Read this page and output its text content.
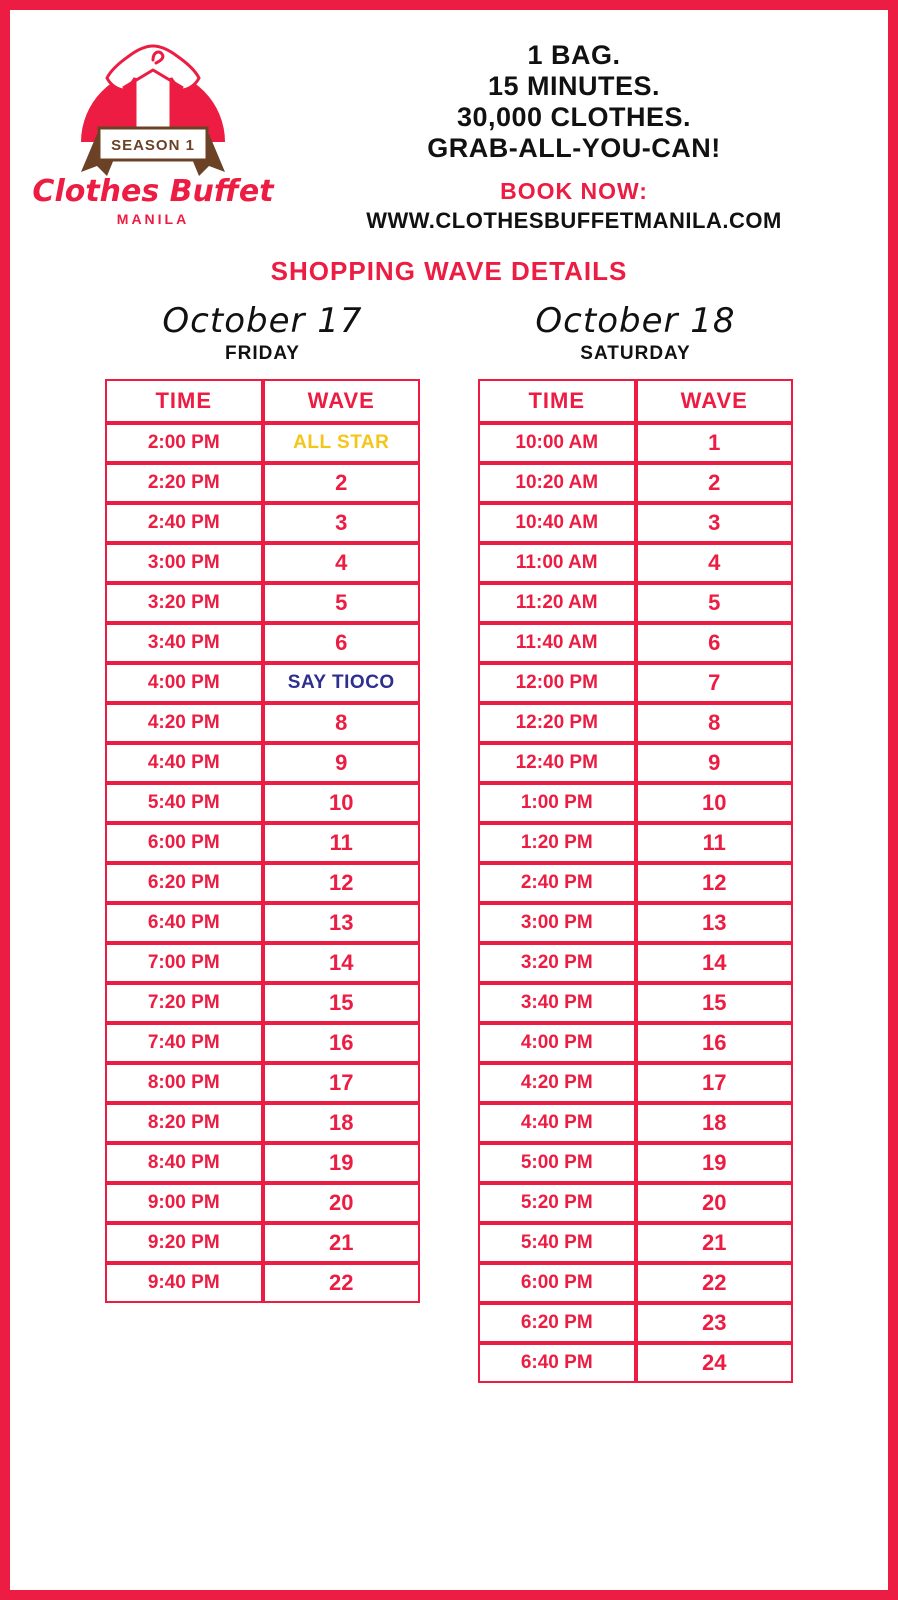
SEASON 1
Clothes Buffet
MANILA
1 BAG.
15 MINUTES.
30,000 CLOTHES.
GRAB-ALL-YOU-CAN!
BOOK NOW:
WWW.CLOTHESBUFFETMANILA.COM
SHOPPING WAVE DETAILS
October 17
FRIDAY
TIME	WAVE
2:00 PM	ALL STAR
2:20 PM	2
2:40 PM	3
3:00 PM	4
3:20 PM	5
3:40 PM	6
4:00 PM	SAY TIOCO
4:20 PM	8
4:40 PM	9
5:40 PM	10
6:00 PM	11
6:20 PM	12
6:40 PM	13
7:00 PM	14
7:20 PM	15
7:40 PM	16
8:00 PM	17
8:20 PM	18
8:40 PM	19
9:00 PM	20
9:20 PM	21
9:40 PM	22
October 18
SATURDAY
TIME	WAVE
10:00 AM	1
10:20 AM	2
10:40 AM	3
11:00 AM	4
11:20 AM	5
11:40 AM	6
12:00 PM	7
12:20 PM	8
12:40 PM	9
1:00 PM	10
1:20 PM	11
2:40 PM	12
3:00 PM	13
3:20 PM	14
3:40 PM	15
4:00 PM	16
4:20 PM	17
4:40 PM	18
5:00 PM	19
5:20 PM	20
5:40 PM	21
6:00 PM	22
6:20 PM	23
6:40 PM	24
